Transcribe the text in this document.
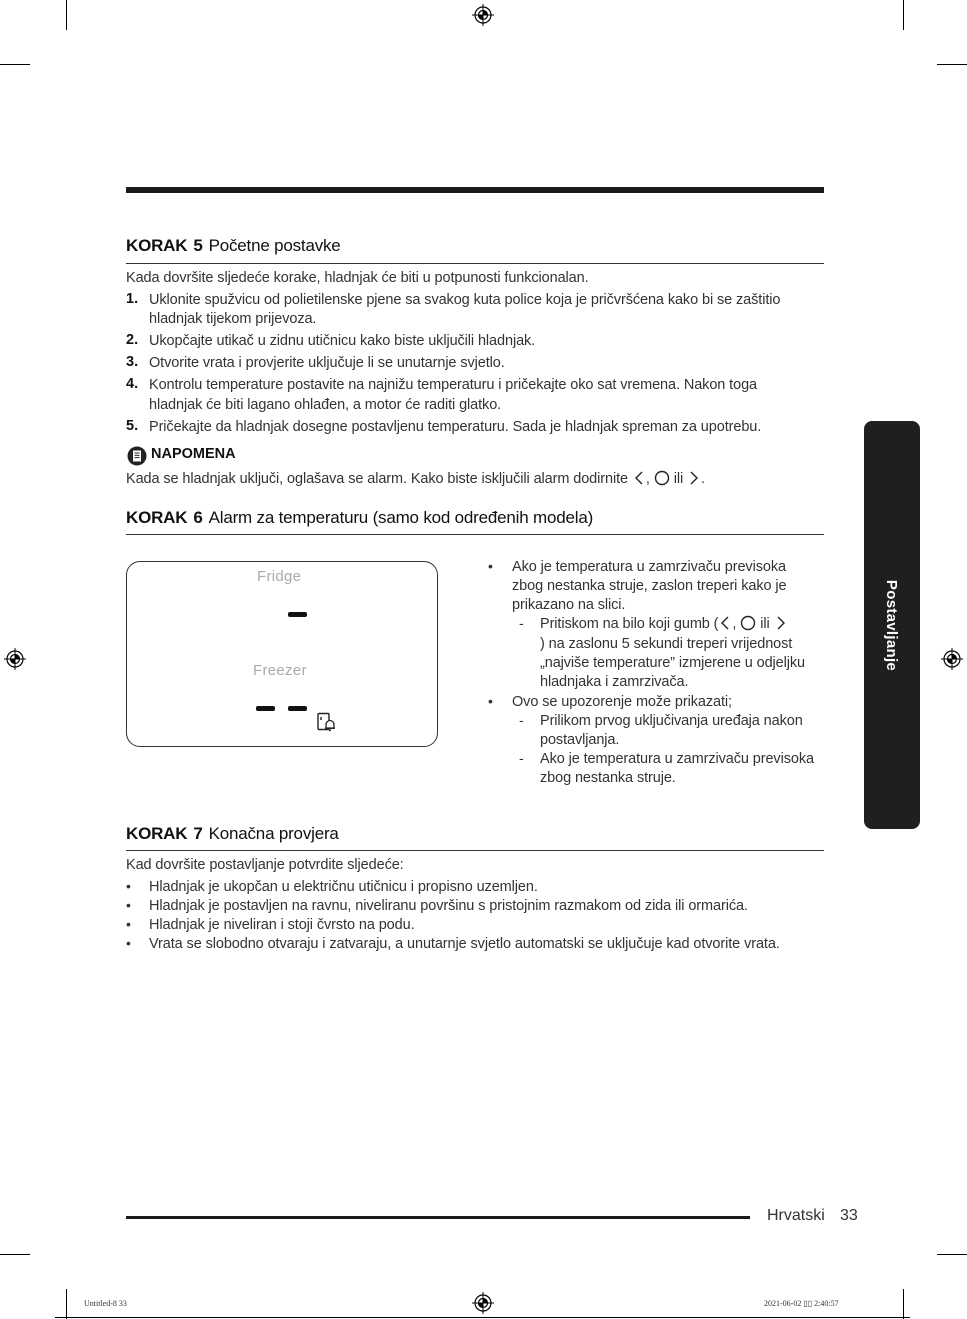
Postavljanje
KORAK 5 Početne postavke
Kada dovršite sljedeće korake, hladnjak će biti u potpunosti funkcionalan.
1. Uklonite spužvicu od polietilenske pjene sa svakog kuta police koja je pričvršćena kako bi se zaštitio
hladnjak tijekom prijevoza.
2. Ukopčajte utikač u zidnu utičnicu kako biste uključili hladnjak.
3. Otvorite vrata i provjerite uključuje li se unutarnje svjetlo.
4. Kontrolu temperature postavite na najnižu temperaturu i pričekajte oko sat vremena. Nakon toga
hladnjak će biti lagano ohlađen, a motor će raditi glatko.
5. Pričekajte da hladnjak dosegne postavljenu temperaturu. Sada je hladnjak spreman za upotrebu.
NAPOMENA
Kada se hladnjak uključi, oglašava se alarm. Kako biste isključili alarm dodirnite , ili .
KORAK 6 Alarm za temperaturu (samo kod određenih modela)
Fridge
Freezer
• Ako je temperatura u zamrzivaču previsoka
zbog nestanka struje, zaslon treperi kako je
prikazano na slici.
- Pritiskom na bilo koji gumb ( , ili
) na zaslonu 5 sekundi treperi vrijednost
„najviše temperature” izmjerene u odjeljku
hladnjaka i zamrzivača.
• Ovo se upozorenje može prikazati;
- Prilikom prvog uključivanja uređaja nakon
postavljanja.
- Ako je temperatura u zamrzivaču previsoka
zbog nestanka struje.
KORAK 7 Konačna provjera
Kad dovršite postavljanje potvrdite sljedeće:
• Hladnjak je ukopčan u električnu utičnicu i propisno uzemljen.
• Hladnjak je postavljen na ravnu, niveliranu površinu s pristojnim razmakom od zida ili ormarića.
• Hladnjak je niveliran i stoji čvrsto na podu.
• Vrata se slobodno otvaraju i zatvaraju, a unutarnje svjetlo automatski se uključuje kad otvorite vrata.
Hrvatski 33
Untitled-8 33	2021-06-02 ▯▯ 2:40:57
